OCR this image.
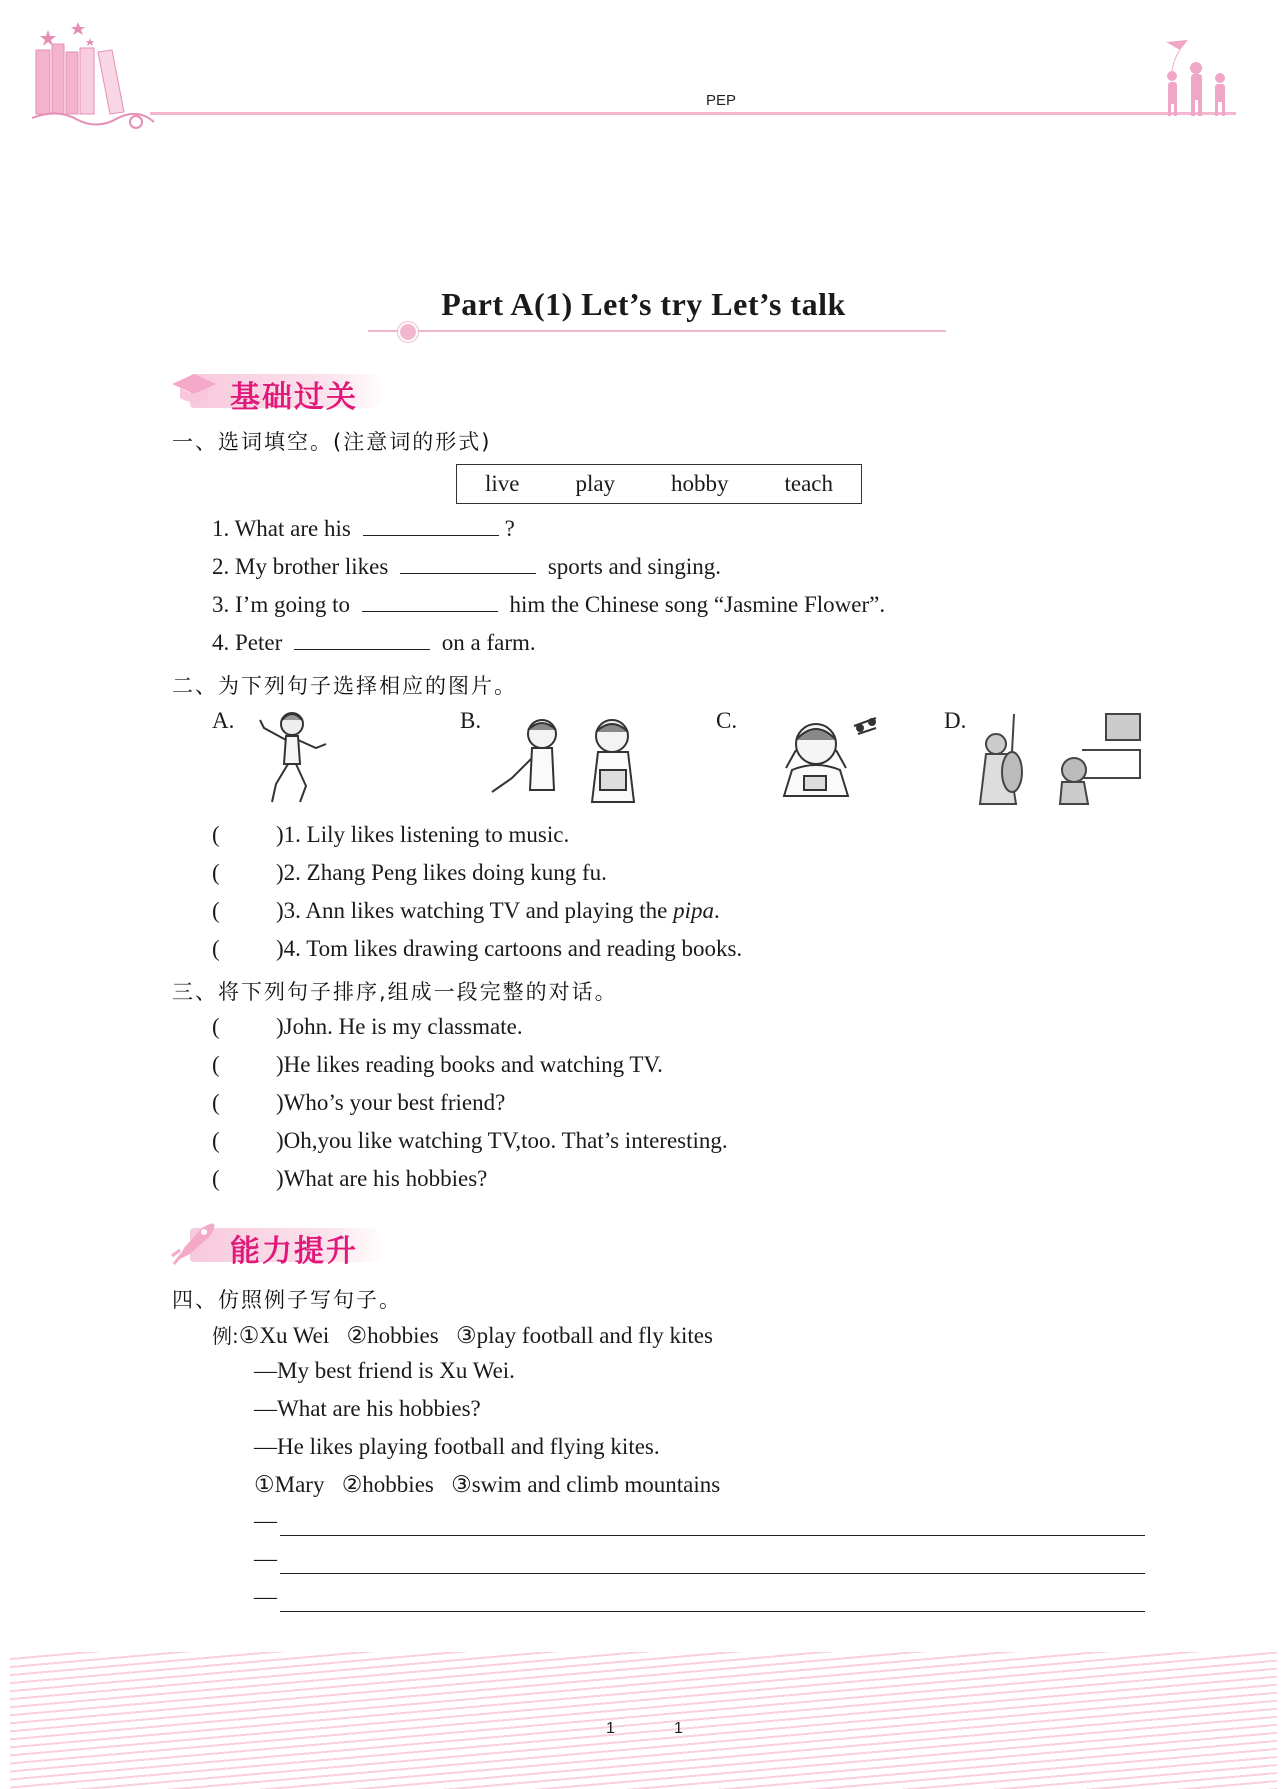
PEP
Part A(1) Let’s try Let’s talk
基础过关
一、选词填空。(注意词的形式)
live play hobby teach
1. What are his	?
2. My brother likes	sports and singing.
3. I’m going to	him the Chinese song “Jasmine Flower”.
4. Peter	on a farm.
二、为下列句子选择相应的图片。
A.	B.	C.	D.
( )1. Lily likes listening to music.
( )2. Zhang Peng likes doing kung fu.
( )3. Ann likes watching TV and playing the pipa.
( )4. Tom likes drawing cartoons and reading books.
三、将下列句子排序,组成一段完整的对话。
( )John. He is my classmate.
( )He likes reading books and watching TV.
( )Who’s your best friend?
( )Oh,you like watching TV,too. That’s interesting.
( )What are his hobbies?
能力提升
四、仿照例子写句子。
例:①Xu Wei   ②hobbies   ③play football and fly kites
—My best friend is Xu Wei.
—What are his hobbies?
—He likes playing football and flying kites.
①Mary   ②hobbies   ③swim and climb mountains
—
—
—
1	1
